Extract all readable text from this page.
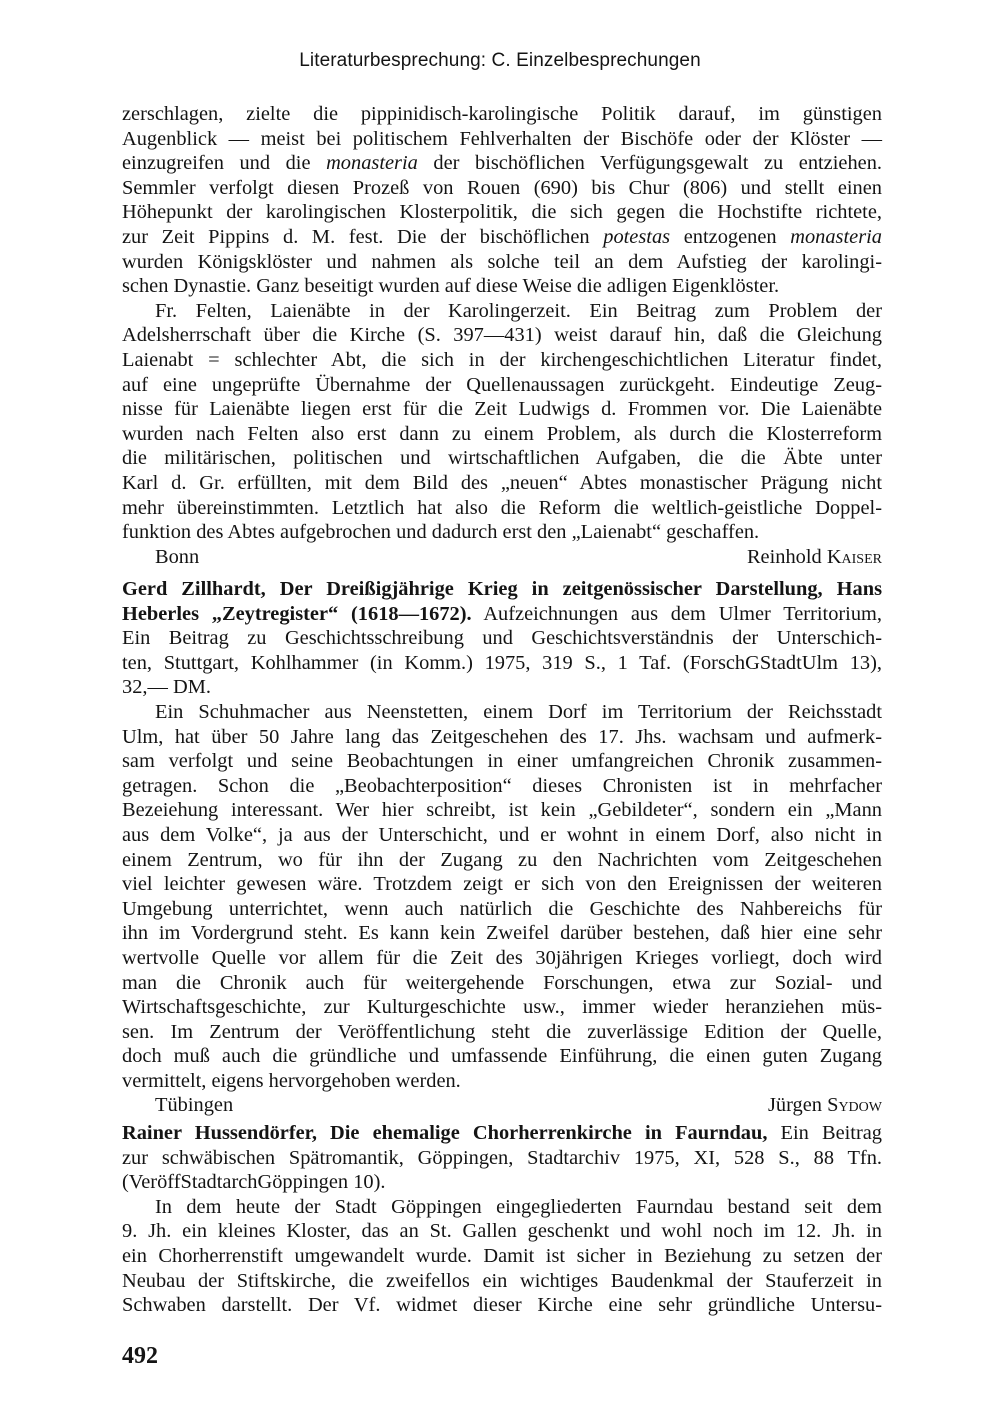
Literaturbesprechung: C. Einzelbesprechungen
zerschlagen, zielte die pippinidisch-karolingische Politik darauf, im günstigen
Augenblick — meist bei politischem Fehlverhalten der Bischöfe oder der Klöster —
einzugreifen und die monasteria der bischöflichen Verfügungsgewalt zu entziehen.
Semmler verfolgt diesen Prozeß von Rouen (690) bis Chur (806) und stellt einen
Höhepunkt der karolingischen Klosterpolitik, die sich gegen die Hochstifte richtete,
zur Zeit Pippins d. M. fest. Die der bischöflichen potestas entzogenen monasteria
wurden Königsklöster und nahmen als solche teil an dem Aufstieg der karolingi-
schen Dynastie. Ganz beseitigt wurden auf diese Weise die adligen Eigenklöster.
Fr. Felten, Laienäbte in der Karolingerzeit. Ein Beitrag zum Problem der
Adelsherrschaft über die Kirche (S. 397—431) weist darauf hin, daß die Gleichung
Laienabt = schlechter Abt, die sich in der kirchengeschichtlichen Literatur findet,
auf eine ungeprüfte Übernahme der Quellenaussagen zurückgeht. Eindeutige Zeug-
nisse für Laienäbte liegen erst für die Zeit Ludwigs d. Frommen vor. Die Laienäbte
wurden nach Felten also erst dann zu einem Problem, als durch die Klosterreform
die militärischen, politischen und wirtschaftlichen Aufgaben, die die Äbte unter
Karl d. Gr. erfüllten, mit dem Bild des „neuen“ Abtes monastischer Prägung nicht
mehr übereinstimmten. Letztlich hat also die Reform die weltlich-geistliche Doppel-
funktion des Abtes aufgebrochen und dadurch erst den „Laienabt“ geschaffen.
Bonn	Reinhold Kaiser
Gerd Zillhardt, Der Dreißigjährige Krieg in zeitgenössischer Darstellung, Hans
Heberles „Zeytregister“ (1618—1672). Aufzeichnungen aus dem Ulmer Territorium,
Ein Beitrag zu Geschichtsschreibung und Geschichtsverständnis der Unterschich-
ten, Stuttgart, Kohlhammer (in Komm.) 1975, 319 S., 1 Taf. (ForschGStadtUlm 13),
32,— DM.
Ein Schuhmacher aus Neenstetten, einem Dorf im Territorium der Reichsstadt
Ulm, hat über 50 Jahre lang das Zeitgeschehen des 17. Jhs. wachsam und aufmerk-
sam verfolgt und seine Beobachtungen in einer umfangreichen Chronik zusammen-
getragen. Schon die „Beobachterposition“ dieses Chronisten ist in mehrfacher
Bezeiehung interessant. Wer hier schreibt, ist kein „Gebildeter“, sondern ein „Mann
aus dem Volke“, ja aus der Unterschicht, und er wohnt in einem Dorf, also nicht in
einem Zentrum, wo für ihn der Zugang zu den Nachrichten vom Zeitgeschehen
viel leichter gewesen wäre. Trotzdem zeigt er sich von den Ereignissen der weiteren
Umgebung unterrichtet, wenn auch natürlich die Geschichte des Nahbereichs für
ihn im Vordergrund steht. Es kann kein Zweifel darüber bestehen, daß hier eine sehr
wertvolle Quelle vor allem für die Zeit des 30jährigen Krieges vorliegt, doch wird
man die Chronik auch für weitergehende Forschungen, etwa zur Sozial- und
Wirtschaftsgeschichte, zur Kulturgeschichte usw., immer wieder heranziehen müs-
sen. Im Zentrum der Veröffentlichung steht die zuverlässige Edition der Quelle,
doch muß auch die gründliche und umfassende Einführung, die einen guten Zugang
vermittelt, eigens hervorgehoben werden.
Tübingen	Jürgen Sydow
Rainer Hussendörfer, Die ehemalige Chorherrenkirche in Faurndau, Ein Beitrag
zur schwäbischen Spätromantik, Göppingen, Stadtarchiv 1975, XI, 528 S., 88 Tfn.
(VeröffStadtarchGöppingen 10).
In dem heute der Stadt Göppingen eingegliederten Faurndau bestand seit dem
9. Jh. ein kleines Kloster, das an St. Gallen geschenkt und wohl noch im 12. Jh. in
ein Chorherrenstift umgewandelt wurde. Damit ist sicher in Beziehung zu setzen der
Neubau der Stiftskirche, die zweifellos ein wichtiges Baudenkmal der Stauferzeit in
Schwaben darstellt. Der Vf. widmet dieser Kirche eine sehr gründliche Untersu-
492
